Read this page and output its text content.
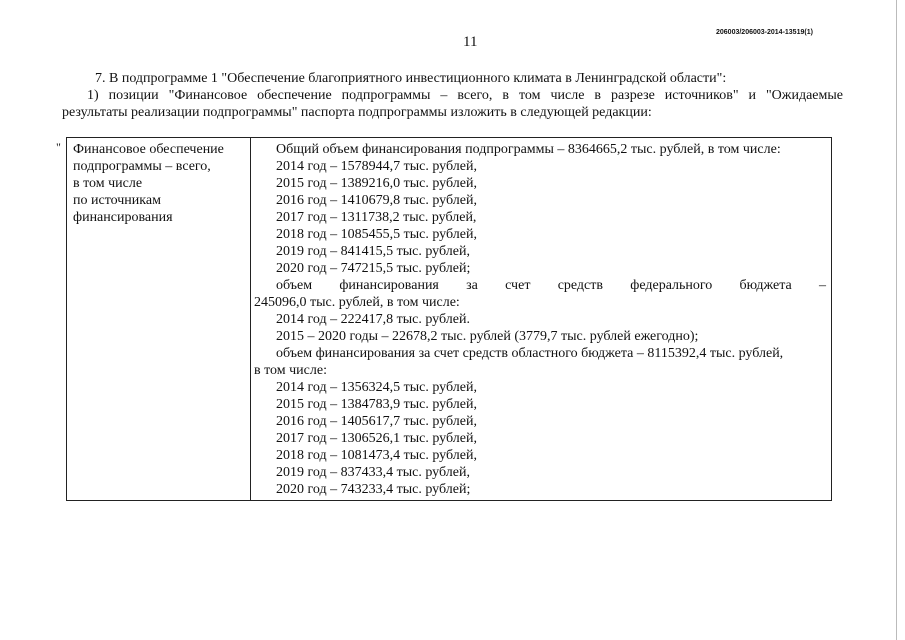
11
206003/206003-2014-13519(1)
7. В подпрограмме 1 "Обеспечение благоприятного инвестиционного климата в Ленинградской области":
1) позиции "Финансовое обеспечение подпрограммы – всего, в том числе в разрезе источников" и "Ожидаемые
результаты реализации подпрограммы" паспорта подпрограммы изложить в следующей редакции:
" Финансовое обеспечение
подпрограммы – всего,
в том числе
по источникам
финансирования
Общий объем финансирования подпрограммы – 8364665,2 тыс. рублей, в том числе:
2014 год – 1578944,7 тыс. рублей,
2015 год – 1389216,0 тыс. рублей,
2016 год – 1410679,8 тыс. рублей,
2017 год – 1311738,2 тыс. рублей,
2018 год – 1085455,5 тыс. рублей,
2019 год – 841415,5 тыс. рублей,
2020 год – 747215,5 тыс. рублей;
объем финансирования за счет средств федерального бюджета –
245096,0 тыс. рублей, в том числе:
2014 год – 222417,8 тыс. рублей.
2015 – 2020 годы – 22678,2 тыс. рублей (3779,7 тыс. рублей ежегодно);
объем финансирования за счет средств областного бюджета – 8115392,4 тыс. рублей,
в том числе:
2014 год – 1356324,5 тыс. рублей,
2015 год – 1384783,9 тыс. рублей,
2016 год – 1405617,7 тыс. рублей,
2017 год – 1306526,1 тыс. рублей,
2018 год – 1081473,4 тыс. рублей,
2019 год – 837433,4 тыс. рублей,
2020 год – 743233,4 тыс. рублей;
